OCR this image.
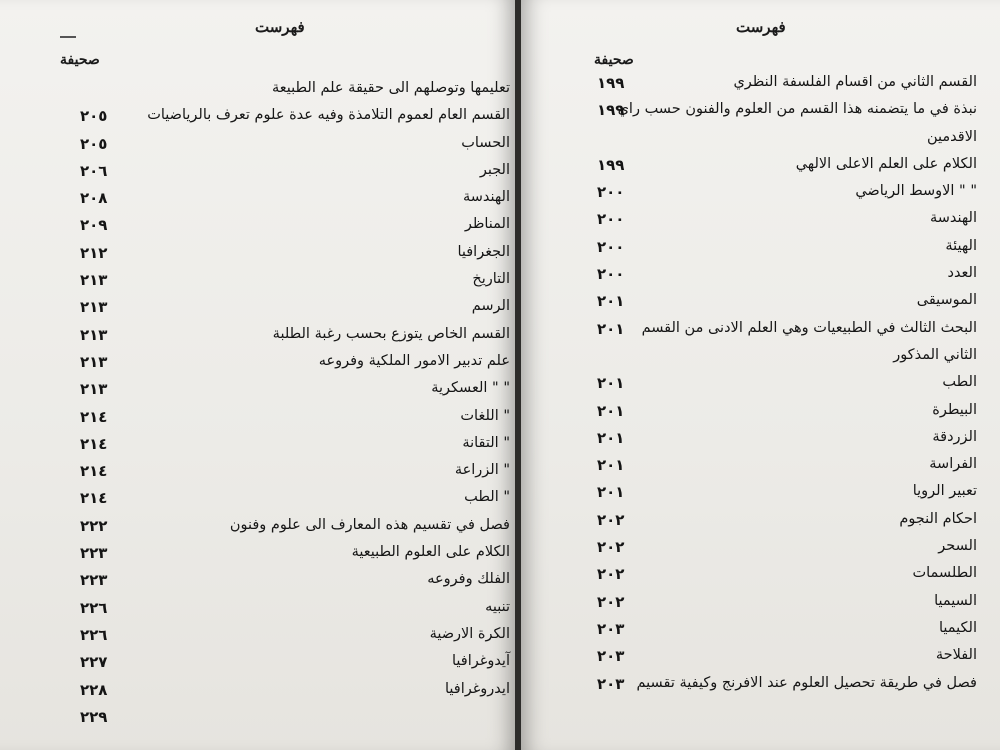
فهرست
صحيفة
فهرست
صحيفة
تعليمها وتوصلهم الى حقيقة علم الطبيعة
القسم العام لعموم التلامذة وفيه عدة علوم تعرف بالرياضيات
٢٠٥
الحساب
٢٠٥
الجبر
٢٠٦
الهندسة
٢٠٨
المناظر
٢٠٩
الجغرافيا
٢١٢
التاريخ
٢١٣
الرسم
٢١٣
القسم الخاص يتوزع بحسب رغبة الطلبة
٢١٣
علم تدبير الامور الملكية وفروعه
٢١٣
" " العسكرية
٢١٣
" اللغات
٢١٤
" التقانة
٢١٤
" الزراعة
٢١٤
" الطب
٢١٤
فصل في تقسيم هذه المعارف الى علوم وفنون
٢٢٢
الكلام على العلوم الطبيعية
٢٢٣
الفلك وفروعه
٢٢٣
تنبيه
٢٢٦
الكرة الارضية
٢٢٦
آيدوغرافيا
٢٢٧
ايدروغرافيا
٢٢٨
٢٢٩
القسم الثاني من اقسام الفلسفة النظري
١٩٩
نبذة في ما يتضمنه هذا القسم من العلوم والفنون حسب راي
١٩٩
الاقدمين
الكلام على العلم الاعلى الالهي
١٩٩
" " الاوسط الرياضي
٢٠٠
الهندسة
٢٠٠
الهيئة
٢٠٠
العدد
٢٠٠
الموسيقى
٢٠١
البحث الثالث في الطبيعيات وهي العلم الادنى من القسم
٢٠١
الثاني المذكور
الطب
٢٠١
البيطرة
٢٠١
الزردقة
٢٠١
الفراسة
٢٠١
تعبير الرويا
٢٠١
احكام النجوم
٢٠٢
السحر
٢٠٢
الطلسمات
٢٠٢
السيميا
٢٠٢
الكيميا
٢٠٣
الفلاحة
٢٠٣
فصل في طريقة تحصيل العلوم عند الافرنج وكيفية تقسيم
٢٠٣
